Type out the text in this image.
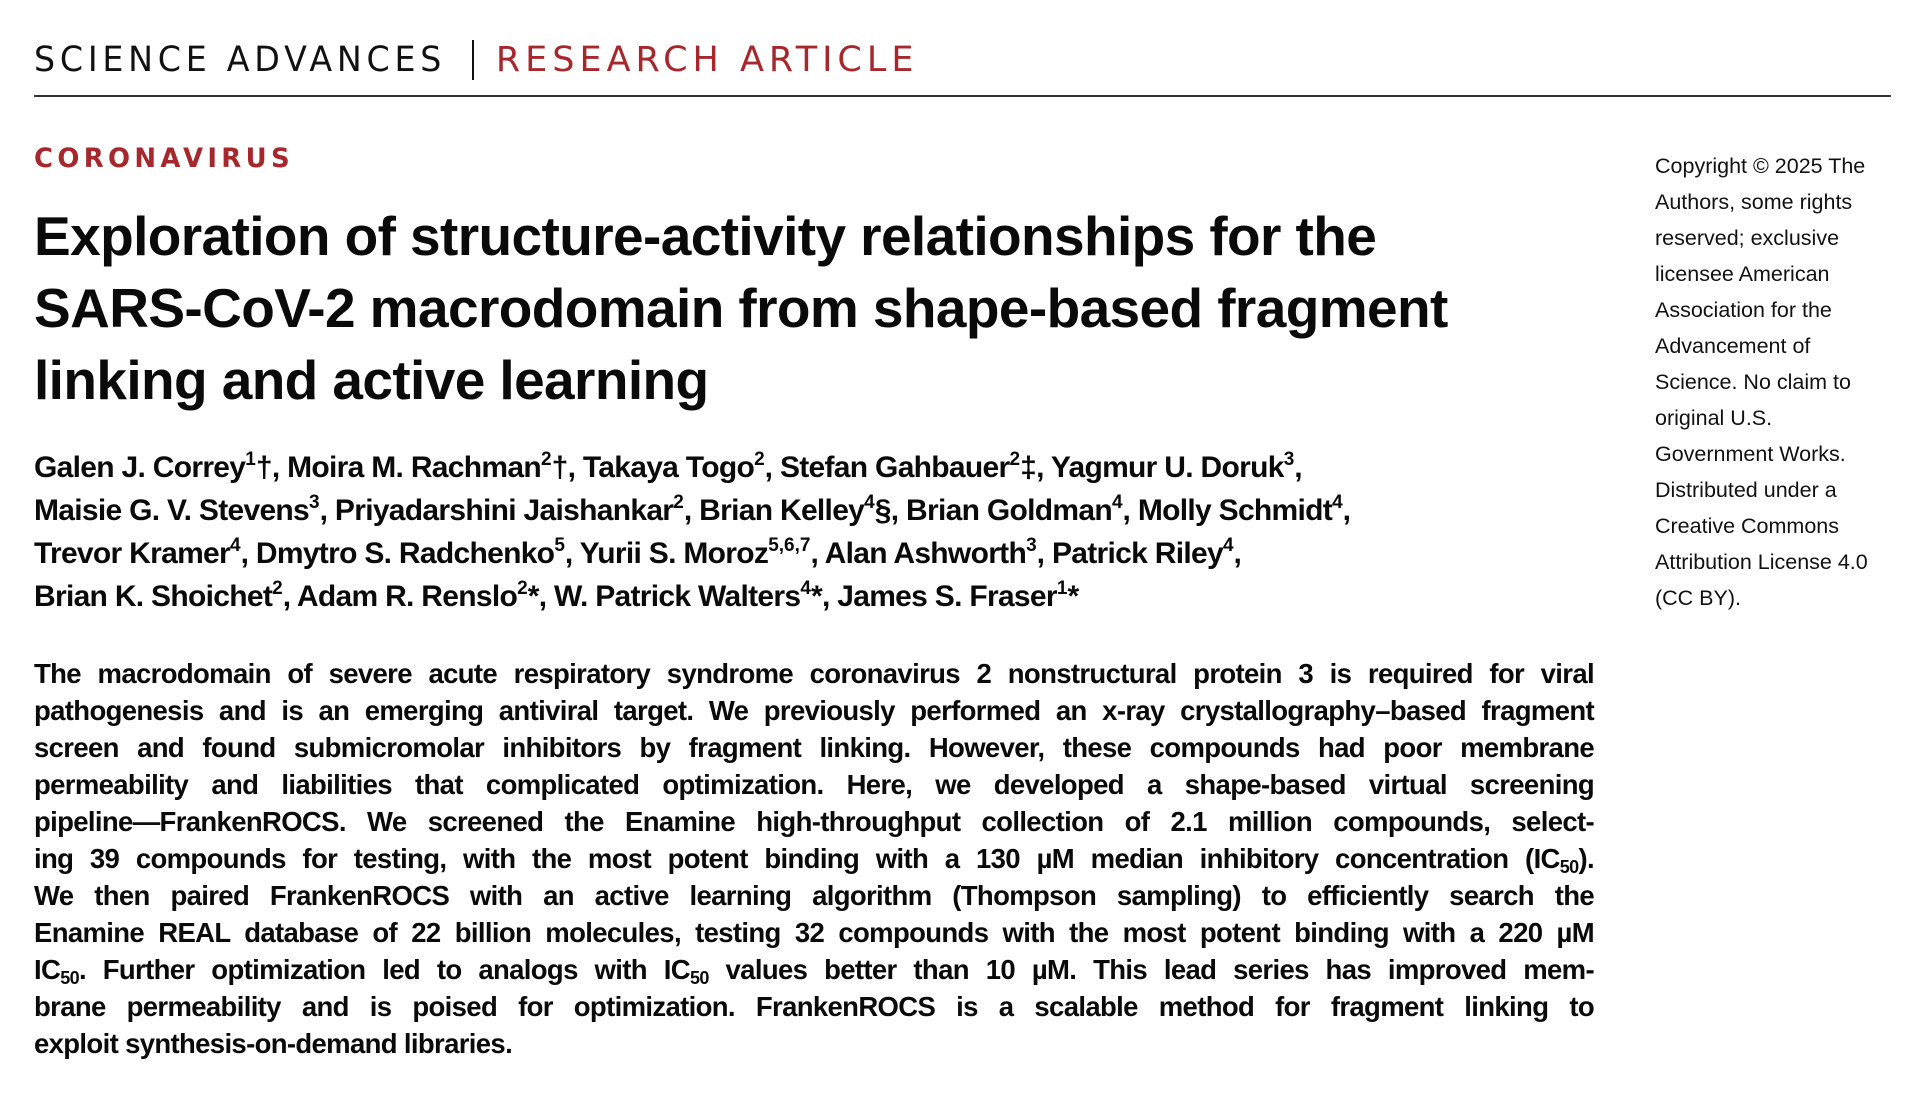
SCIENCE ADVANCES RESEARCH ARTICLE
CORONAVIRUS
Exploration of structure-activity relationships for the
SARS-CoV-2 macrodomain from shape-based fragment
linking and active learning
Galen J. Correy$^1$†, Moira M. Rachman$^2$†, Takaya Togo$^2$, Stefan Gahbauer$^2$‡, Yagmur U. Doruk$^3$,
Maisie G. V. Stevens$^3$, Priyadarshini Jaishankar$^2$, Brian Kelley$^4$§, Brian Goldman$^4$, Molly Schmidt$^4$,
Trevor Kramer$^4$, Dmytro S. Radchenko$^5$, Yurii S. Moroz$^{5,6,7}$, Alan Ashworth$^3$, Patrick Riley$^4$,
Brian K. Shoichet$^2$, Adam R. Renslo$^2$*, W. Patrick Walters$^4$*, James S. Fraser$^1$*
The macrodomain of severe acute respiratory syndrome coronavirus 2 nonstructural protein 3 is required for viral
pathogenesis and is an emerging antiviral target. We previously performed an x-ray crystallography–based fragment
screen and found submicromolar inhibitors by fragment linking. However, these compounds had poor membrane
permeability and liabilities that complicated optimization. Here, we developed a shape-based virtual screening
pipeline—FrankenROCS. We screened the Enamine high-throughput collection of 2.1 million compounds, select-
ing 39 compounds for testing, with the most potent binding with a 130 µM median inhibitory concentration $(IC_{50})$.
We then paired FrankenROCS with an active learning algorithm (Thompson sampling) to efficiently search the
Enamine REAL database of 22 billion molecules, testing 32 compounds with the most potent binding with a 220 µM
$IC_{50}$. Further optimization led to analogs with $IC_{50}$ values better than 10 µM. This lead series has improved mem-
brane permeability and is poised for optimization. FrankenROCS is a scalable method for fragment linking to
exploit synthesis-on-demand libraries.
Copyright © 2025 The
Authors, some rights
reserved; exclusive
licensee American
Association for the
Advancement of
Science. No claim to
original U.S.
Government Works.
Distributed under a
Creative Commons
Attribution License 4.0
(CC BY).
